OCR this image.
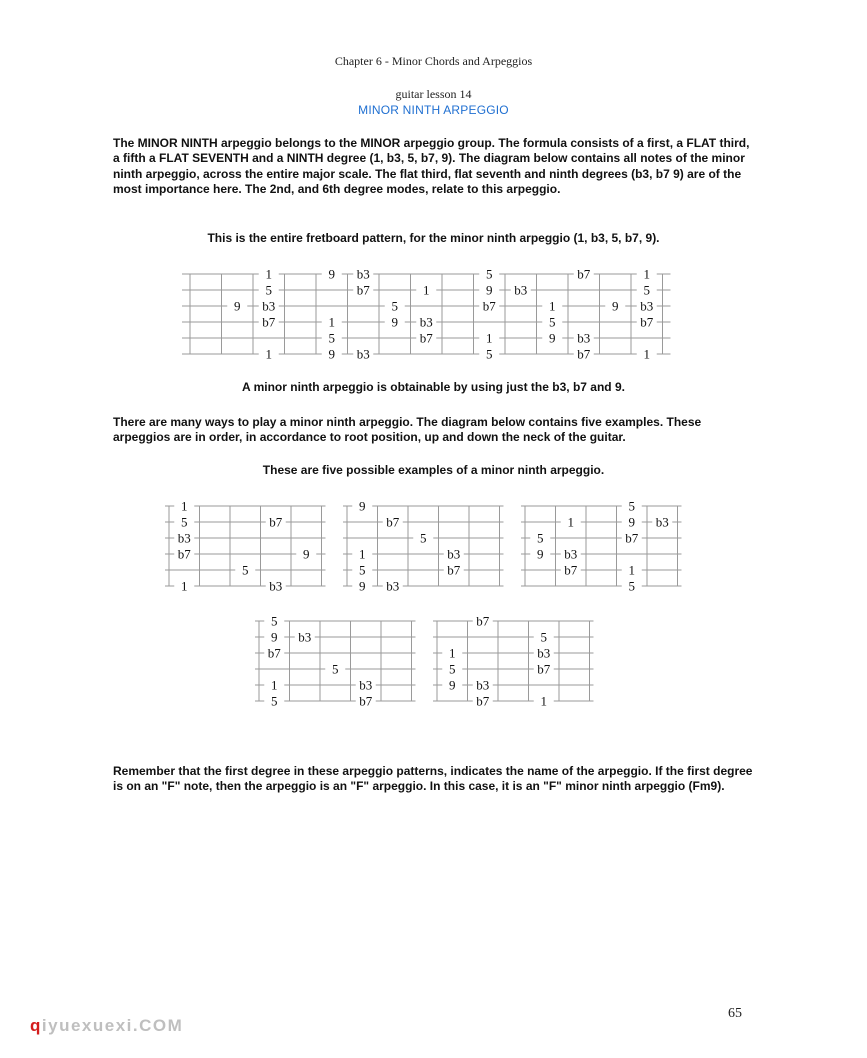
Chapter 6 - Minor Chords and Arpeggios
guitar lesson 14
MINOR NINTH ARPEGGIO
The MINOR NINTH arpeggio belongs to the MINOR arpeggio group. The formula consists of a first, a FLAT third, a fifth a FLAT SEVENTH and a NINTH degree (1, b3, 5, b7, 9). The diagram below contains all notes of the minor ninth arpeggio, across the entire major scale. The flat third, flat seventh and ninth degrees (b3, b7 9) are of the most importance here. The 2nd, and 6th degree modes, relate to this arpeggio.
This is the entire fretboard pattern, for the minor ninth arpeggio (1, b3, 5, b7, 9).
1	9 b3	5	b7	1
5	b7	1	9 b3	5
9 b3	5	b7	1	9 b3
b7	1	9 b3	5	b7
5	b7	1	9 b3
1	9 b3	5	b7	1
A minor ninth arpeggio is obtainable by using just the b3, b7 and 9.
There are many ways to play a minor ninth arpeggio. The diagram below contains five examples. These arpeggios are in order, in accordance to root position, up and down the neck of the guitar.
These are five possible examples of a minor ninth arpeggio.
1
5	b7
b3
b7	9
5
1	b3
9
b7
5
1	b3
5	b7
9 b3
5
1	9 b3
5	b7
9 b3
b7	1
5
5
9 b3
b7
5
1	b3
5	b7
b7
5
1	b3
5	b7
9 b3
b7	1
Remember that the first degree in these arpeggio patterns, indicates the name of the arpeggio. If the first degree is on an "F" note, then the arpeggio is an "F" arpeggio. In this case, it is an "F" minor ninth arpeggio (Fm9).
65
qiyuexuexi.COM
